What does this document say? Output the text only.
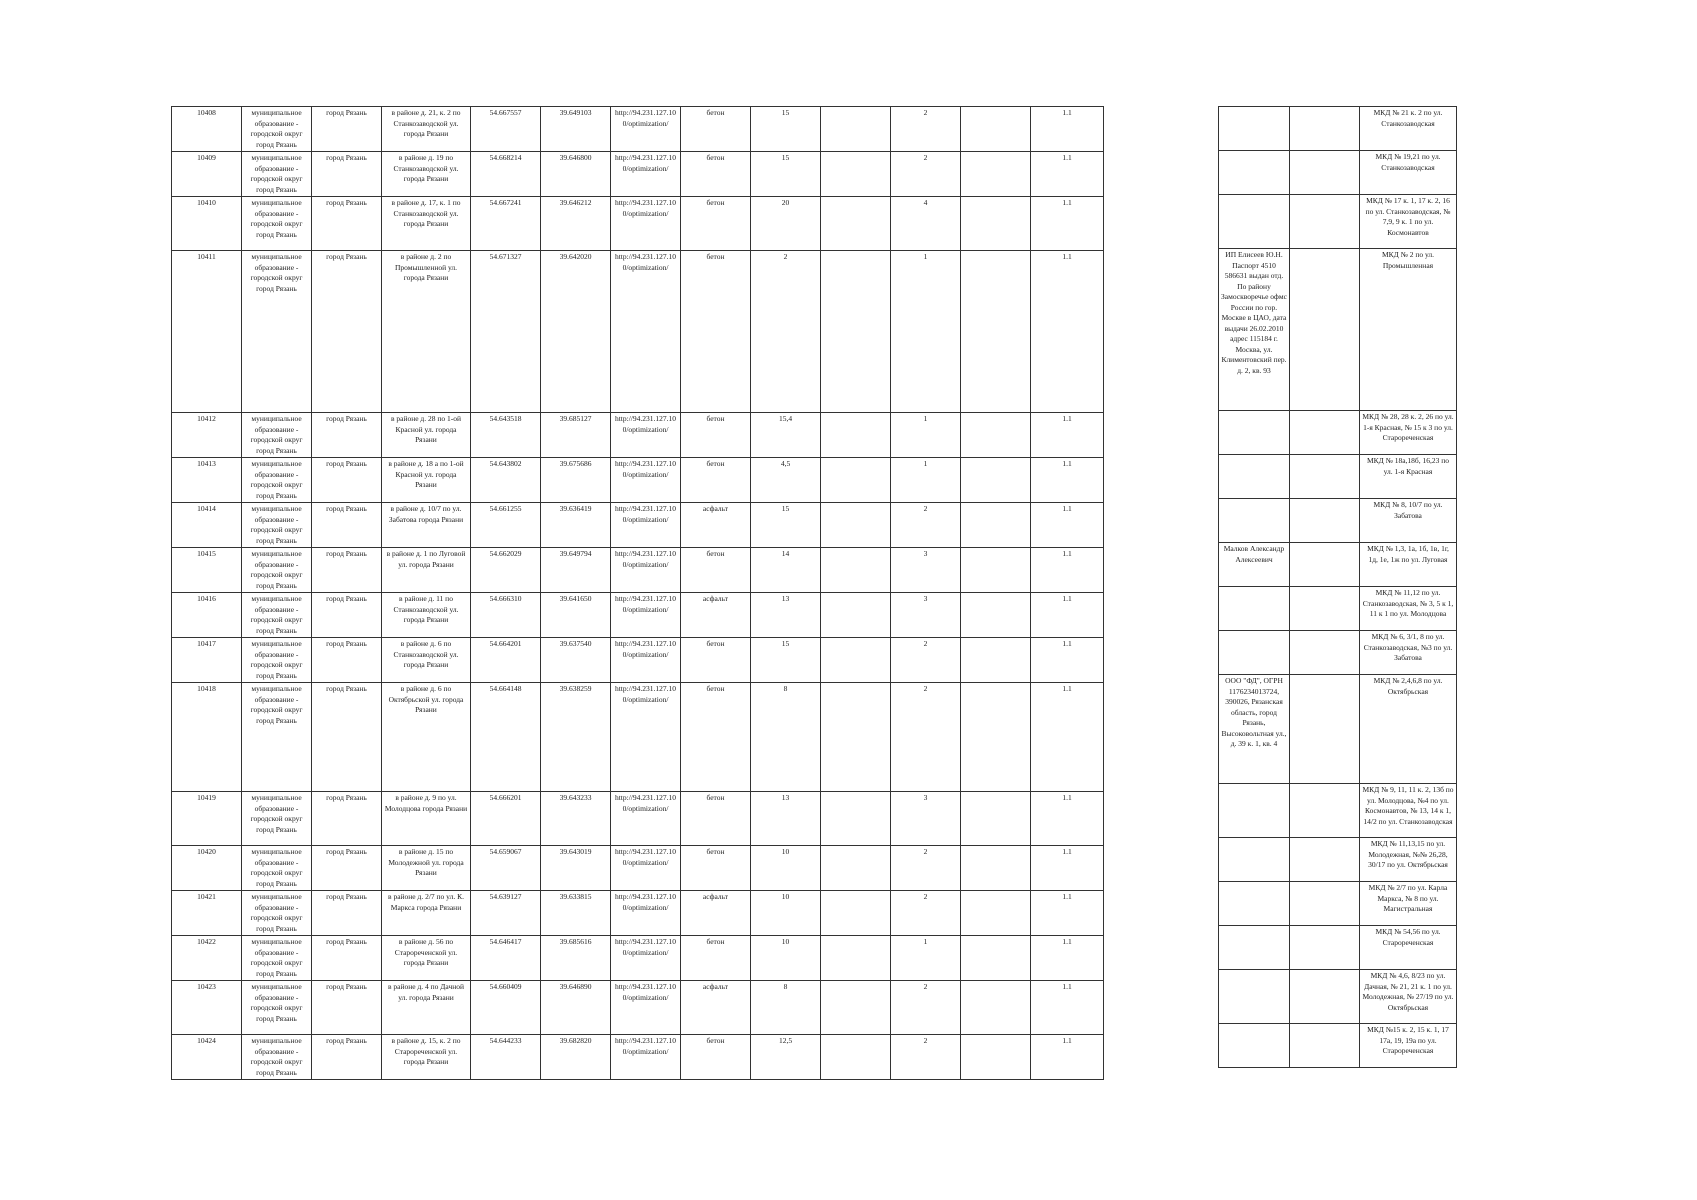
10408	муниципальное образование - городской округ город Рязань	город Рязань	в районе д. 21, к. 2 по Станкозаводской ул. города Рязани	54.667557	39.649103	http://94.231.127.10 0/optimization/	бетон	15		2		1.1
10409	муниципальное образование - городской округ город Рязань	город Рязань	в районе д. 19 по Станкозаводской ул. города Рязани	54.668214	39.646800	http://94.231.127.10 0/optimization/	бетон	15		2		1.1
10410	муниципальное образование - городской округ город Рязань	город Рязань	в районе д. 17, к. 1 по Станкозаводской ул. города Рязани	54.667241	39.646212	http://94.231.127.10 0/optimization/	бетон	20		4		1.1
10411	муниципальное образование - городской округ город Рязань	город Рязань	в районе д. 2 по Промышленной ул. города Рязани	54.671327	39.642020	http://94.231.127.10 0/optimization/	бетон	2		1		1.1
10412	муниципальное образование - городской округ город Рязань	город Рязань	в районе д. 28 по 1-ой Красной ул. города Рязани	54.643518	39.685127	http://94.231.127.10 0/optimization/	бетон	15,4		1		1.1
10413	муниципальное образование - городской округ город Рязань	город Рязань	в районе д. 18 а по 1-ой Красной ул. города Рязани	54.643802	39.675686	http://94.231.127.10 0/optimization/	бетон	4,5		1		1.1
10414	муниципальное образование - городской округ город Рязань	город Рязань	в районе д. 10/7 по ул. Забатова города Рязани	54.661255	39.636419	http://94.231.127.10 0/optimization/	асфальт	15		2		1.1
10415	муниципальное образование - городской округ город Рязань	город Рязань	в районе д. 1 по Луговой ул. города Рязани	54.662029	39.649794	http://94.231.127.10 0/optimization/	бетон	14		3		1.1
10416	муниципальное образование - городской округ город Рязань	город Рязань	в районе д. 11 по Станкозаводской ул. города Рязани	54.666310	39.641650	http://94.231.127.10 0/optimization/	асфальт	13		3		1.1
10417	муниципальное образование - городской округ город Рязань	город Рязань	в районе д. 6 по Станкозаводской ул. города Рязани	54.664201	39.637540	http://94.231.127.10 0/optimization/	бетон	15		2		1.1
10418	муниципальное образование - городской округ город Рязань	город Рязань	в районе д. 6 по Октябрьской ул. города Рязани	54.664148	39.638259	http://94.231.127.10 0/optimization/	бетон	8		2		1.1
10419	муниципальное образование - городской округ город Рязань	город Рязань	в районе д. 9 по ул. Молодцова города Рязани	54.666201	39.643233	http://94.231.127.10 0/optimization/	бетон	13		3		1.1
10420	муниципальное образование - городской округ город Рязань	город Рязань	в районе д. 15 по Молодежной ул. города Рязани	54.659067	39.643019	http://94.231.127.10 0/optimization/	бетон	10		2		1.1
10421	муниципальное образование - городской округ город Рязань	город Рязань	в районе д. 2/7 по ул. К. Маркса города Рязани	54.639127	39.633815	http://94.231.127.10 0/optimization/	асфальт	10		2		1.1
10422	муниципальное образование - городской округ город Рязань	город Рязань	в районе д. 56 по Старореченской ул. города Рязани	54.646417	39.685616	http://94.231.127.10 0/optimization/	бетон	10		1		1.1
10423	муниципальное образование - городской округ город Рязань	город Рязань	в районе д. 4 по Дачной ул. города Рязани	54.660409	39.646890	http://94.231.127.10 0/optimization/	асфальт	8		2		1.1
10424	муниципальное образование - городской округ город Рязань	город Рязань	в районе д. 15, к. 2 по Старореченской ул. города Рязани	54.644233	39.682820	http://94.231.127.10 0/optimization/	бетон	12,5		2		1.1
		МКД № 21 к. 2 по ул. Станкозаводская
		МКД № 19,21 по ул. Станкозаводская
		МКД № 17 к. 1, 17 к. 2, 16 по ул. Станкозаводская, № 7,9, 9 к. 1 по ул. Космонавтов
ИП Елисеев Ю.Н. Паспорт 4510 586631 выдан отд. По району Замоскворечье офмс России по гор. Москве в ЦАО, дата выдачи 26.02.2010 адрес 115184 г. Москва, ул. Климентовский пер. д. 2, кв. 93		МКД № 2 по ул. Промышленная
		МКД № 28, 28 к. 2, 26 по ул. 1-я Красная, № 15 к 3 по ул. Старореченская
		МКД № 18а,18б, 16,23 по ул. 1-я Красная
		МКД № 8, 10/7 по ул. Забатова
Малков Александр Алексеевич		МКД № 1,3, 1а, 1б, 1в, 1г, 1д, 1е, 1ж по ул. Луговая
		МКД № 11,12 по ул. Станкозаводская, № 3, 5 к 1, 11 к 1 по ул. Молодцова
		МКД № 6, 3/1, 8 по ул. Станкозаводская, №3 по ул. Забатова
ООО "ФД", ОГРН 1176234013724, 390026, Рязанская область, город Рязань, Высоковольтная ул., д. 39 к. 1, кв. 4		МКД № 2,4,6,8 по ул. Октябрьская
		МКД № 9, 11, 11 к. 2, 13б по ул. Молодцова, №4 по ул. Космонавтов, № 13, 14 к 1, 14/2 по ул. Станкозаводская
		МКД № 11,13,15 по ул. Молодежная, №№ 26,28, 30/17 по ул. Октябрьская
		МКД № 2/7 по ул. Карла Маркса, № 8 по ул. Магистральная
		МКД № 54,56 по ул. Старореченская
		МКД № 4,6, 8/23 по ул. Дачная, № 21, 21 к. 1 по ул. Молодежная, № 27/19 по ул. Октябрьская
		МКД №15 к. 2, 15 к. 1, 17 17а, 19, 19а по ул. Старореченская
